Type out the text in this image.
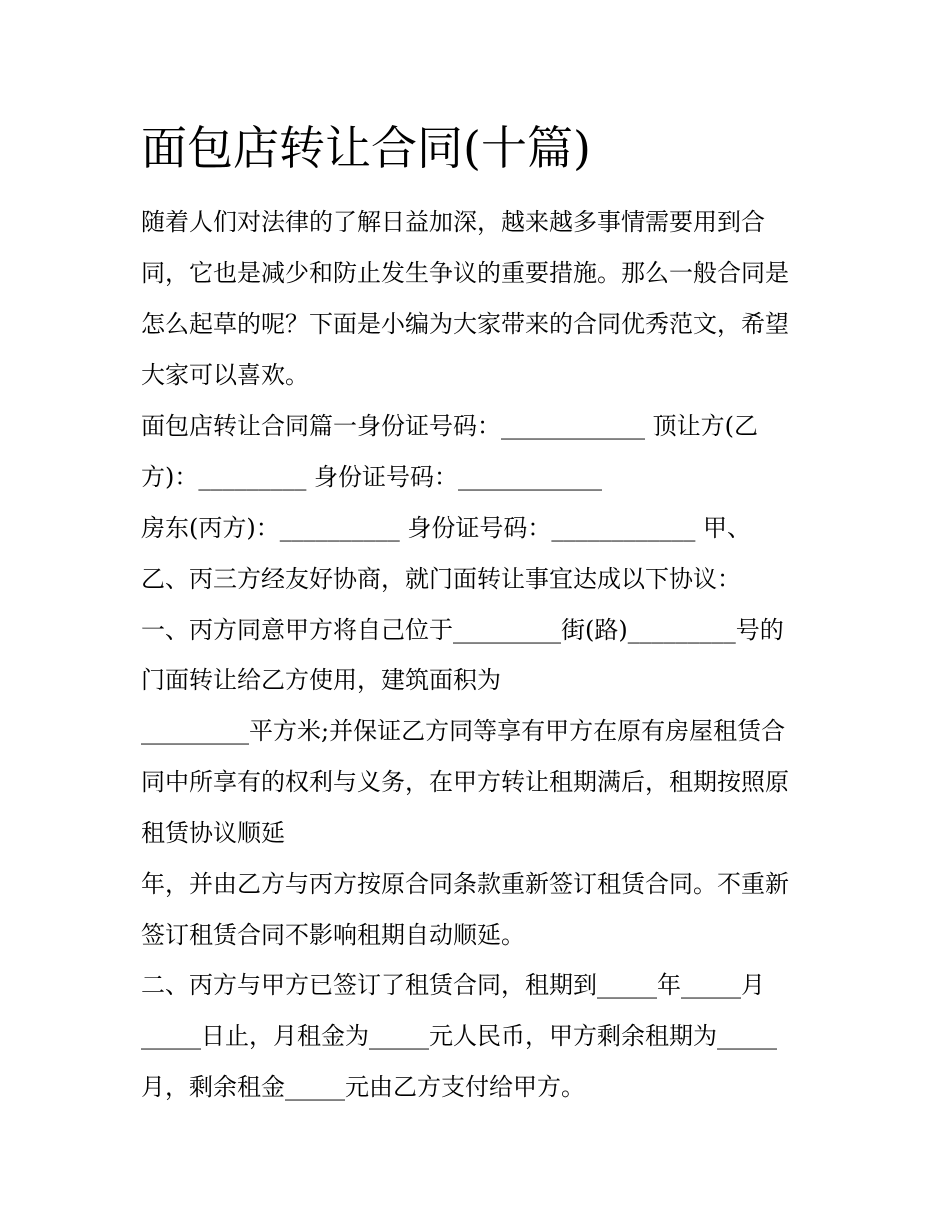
面包店转让合同(十篇)
随着人们对法律的了解日益加深，越来越多事情需要用到合
同，它也是减少和防止发生争议的重要措施。那么一般合同是
怎么起草的呢？下面是小编为大家带来的合同优秀范文，希望
大家可以喜欢。
面包店转让合同篇一身份证号码：____________ 顶让方(乙
方)：_________ 身份证号码：____________
房东(丙方)：__________ 身份证号码：____________ 甲、
乙、丙三方经友好协商，就门面转让事宜达成以下协议：
一、丙方同意甲方将自己位于_________街(路)_________号的
门面转让给乙方使用，建筑面积为
_________平方米;并保证乙方同等享有甲方在原有房屋租赁合
同中所享有的权利与义务，在甲方转让租期满后，租期按照原
租赁协议顺延
年，并由乙方与丙方按原合同条款重新签订租赁合同。不重新
签订租赁合同不影响租期自动顺延。
二、丙方与甲方已签订了租赁合同，租期到_____年_____月
_____日止，月租金为_____元人民币，甲方剩余租期为_____
月，剩余租金_____元由乙方支付给甲方。
